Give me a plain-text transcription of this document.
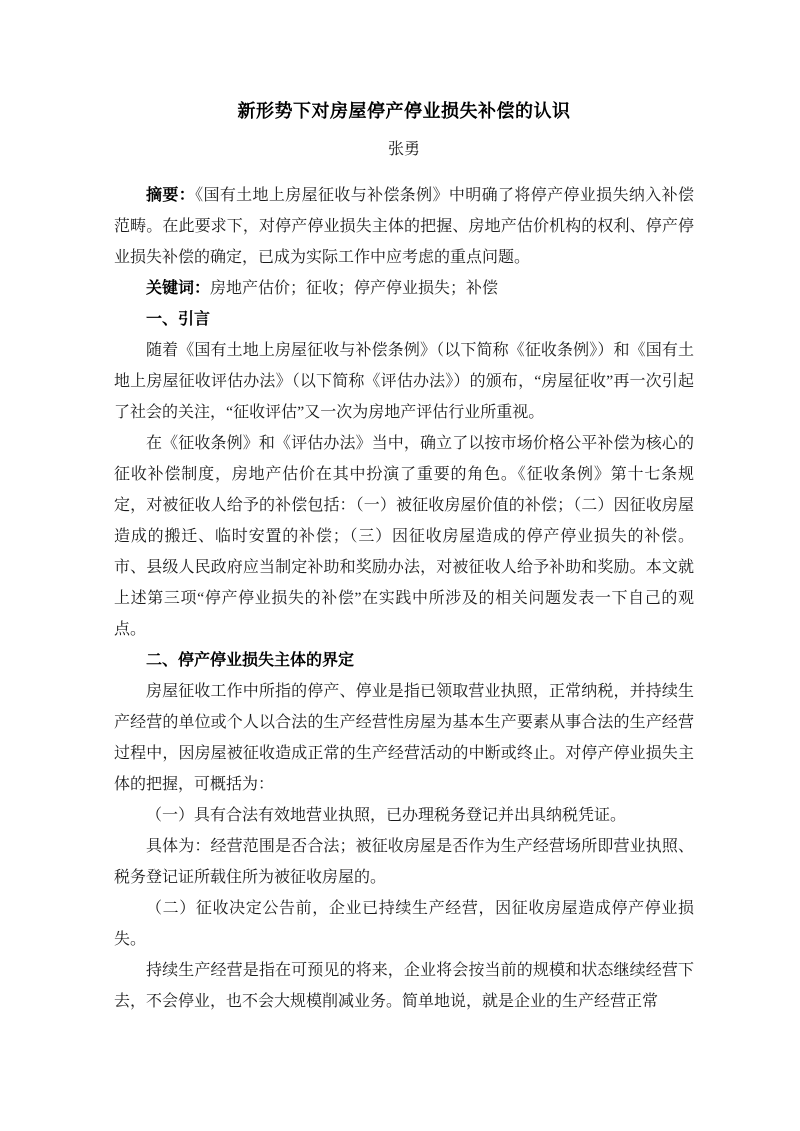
新形势下对房屋停产停业损失补偿的认识
张勇

摘要：《国有土地上房屋征收与补偿条例》中明确了将停产停业损失纳入补偿范畴。在此要求下，对停产停业损失主体的把握、房地产估价机构的权利、停产停业损失补偿的确定，已成为实际工作中应考虑的重点问题。

关键词：房地产估价；征收；停产停业损失；补偿

一、引言

随着《国有土地上房屋征收与补偿条例》（以下简称《征收条例》）和《国有土地上房屋征收评估办法》（以下简称《评估办法》）的颁布，“房屋征收”再一次引起了社会的关注，“征收评估”又一次为房地产评估行业所重视。

在《征收条例》和《评估办法》当中，确立了以按市场价格公平补偿为核心的征收补偿制度，房地产估价在其中扮演了重要的角色。《征收条例》第十七条规定，对被征收人给予的补偿包括：（一）被征收房屋价值的补偿；（二）因征收房屋造成的搬迁、临时安置的补偿；（三）因征收房屋造成的停产停业损失的补偿。市、县级人民政府应当制定补助和奖励办法，对被征收人给予补助和奖励。本文就上述第三项“停产停业损失的补偿”在实践中所涉及的相关问题发表一下自己的观点。

二、停产停业损失主体的界定

房屋征收工作中所指的停产、停业是指已领取营业执照，正常纳税，并持续生产经营的单位或个人以合法的生产经营性房屋为基本生产要素从事合法的生产经营过程中，因房屋被征收造成正常的生产经营活动的中断或终止。对停产停业损失主体的把握，可概括为：

（一）具有合法有效地营业执照，已办理税务登记并出具纳税凭证。

具体为：经营范围是否合法；被征收房屋是否作为生产经营场所即营业执照、税务登记证所载住所为被征收房屋的。

（二）征收决定公告前，企业已持续生产经营，因征收房屋造成停产停业损失。

持续生产经营是指在可预见的将来，企业将会按当前的规模和状态继续经营下去，不会停业，也不会大规模削减业务。简单地说，就是企业的生产经营正常
